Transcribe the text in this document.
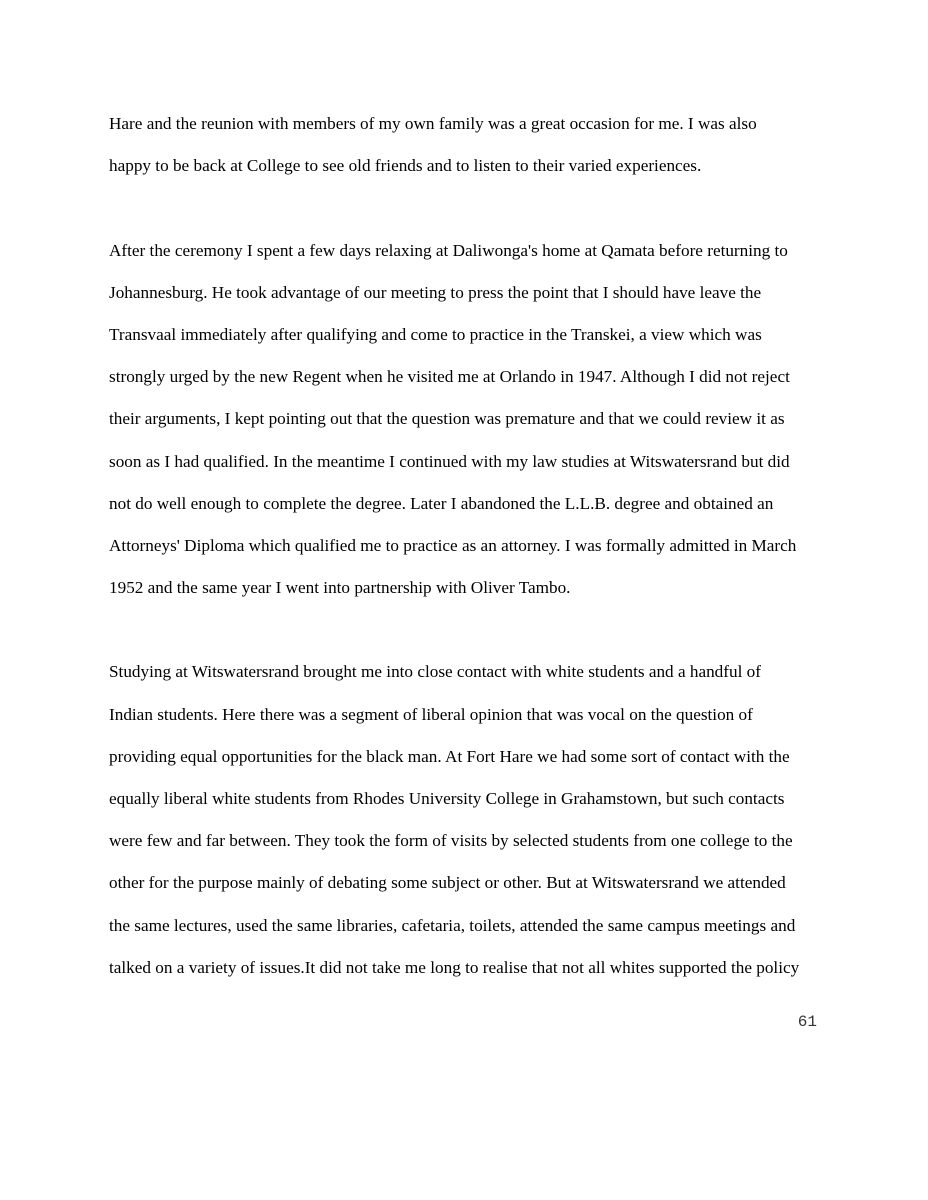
Hare and the reunion with members of my own family was a great occasion for me. I was also
happy to be back at College to see old friends and to listen to their varied experiences.

After the ceremony I spent a few days relaxing at Daliwonga's home at Qamata before returning to
Johannesburg. He took advantage of our meeting to press the point that I should have leave the
Transvaal immediately after qualifying and come to practice in the Transkei, a view which was
strongly urged by the new Regent when he visited me at Orlando in 1947. Although I did not reject
their arguments, I kept pointing out that the question was premature and that we could review it as
soon as I had qualified. In the meantime I continued with my law studies at Witswatersrand but did
not do well enough to complete the degree. Later I abandoned the L.L.B. degree and obtained an
Attorneys' Diploma which qualified me to practice as an attorney. I was formally admitted in March
1952 and the same year I went into partnership with Oliver Tambo.

Studying at Witswatersrand brought me into close contact with white students and a handful of
Indian students. Here there was a segment of liberal opinion that was vocal on the question of
providing equal opportunities for the black man. At Fort Hare we had some sort of contact with the
equally liberal white students from Rhodes University College in Grahamstown, but such contacts
were few and far between. They took the form of visits by selected students from one college to the
other for the purpose mainly of debating some subject or other. But at Witswatersrand we attended
the same lectures, used the same libraries, cafetaria, toilets, attended the same campus meetings and
talked on a variety of issues.It did not take me long to realise that not all whites supported the policy

61
